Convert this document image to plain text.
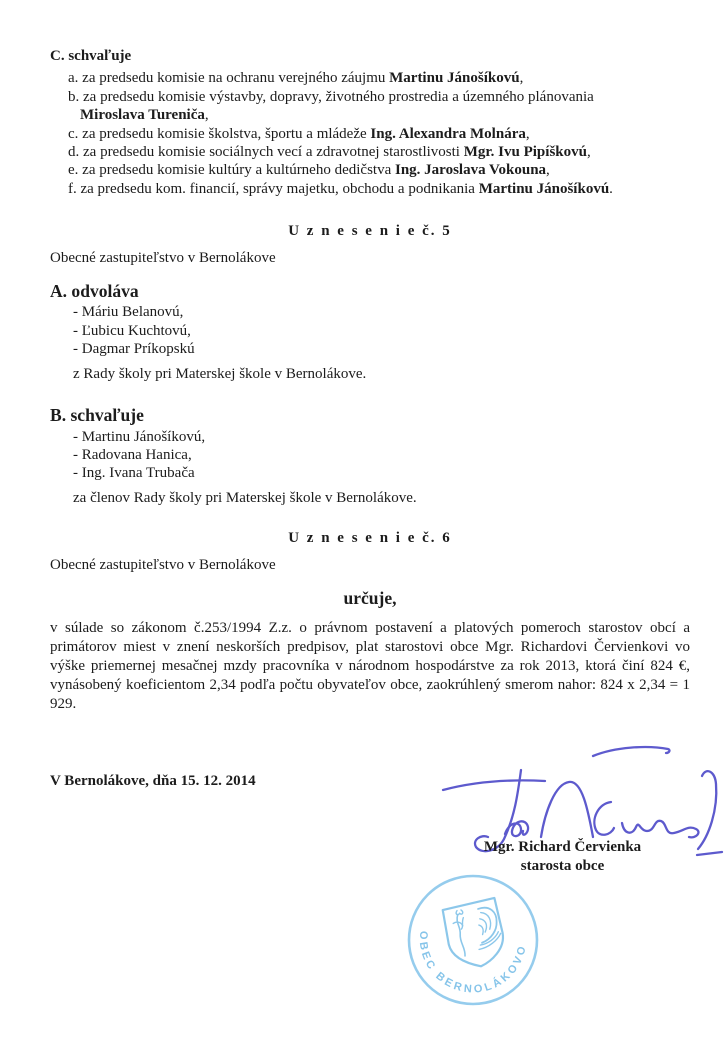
C. schvaľuje
a. za predsedu komisie na ochranu verejného záujmu Martinu Jánošíkovú,
b. za predsedu komisie výstavby, dopravy, životného prostredia a územného plánovania
Miroslava Tureniča,
c. za predsedu komisie školstva, športu a mládeže Ing. Alexandra Molnára,
d. za predsedu komisie sociálnych vecí a zdravotnej starostlivosti Mgr. Ivu Pipíškovú,
e. za predsedu komisie kultúry a kultúrneho dedičstva Ing. Jaroslava Vokouna,
f. za predsedu kom. financií, správy majetku, obchodu a podnikania Martinu Jánošíkovú.
U z n e s e n i e č. 5

Obecné zastupiteľstvo v Bernolákove

A. odvoláva
- Máriu Belanovú,
- Ľubicu Kuchtovú,
- Dagmar Príkopskú

z Rady školy pri Materskej škole v Bernolákove.

B. schvaľuje
- Martinu Jánošíkovú,
- Radovana Hanica,
- Ing. Ivana Trubača

za členov Rady školy pri Materskej škole v Bernolákove.

U z n e s e n i e č. 6

Obecné zastupiteľstvo v Bernolákove

určuje,

v súlade so zákonom č.253/1994 Z.z. o právnom postavení a platových pomeroch starostov obcí a primátorov miest v znení neskorších predpisov, plat starostovi obce Mgr. Richardovi Červienkovi vo výške priemernej mesačnej mzdy pracovníka v národnom hospodárstve za rok 2013, ktorá činí 824 €, vynásobený koeficientom 2,34 podľa počtu obyvateľov obce, zaokrúhlený smerom nahor: 824 x 2,34 = 1 929.

V Bernolákove, dňa 15. 12. 2014

Mgr. Richard Červienka
starosta obce
OBEC BERNOLÁKOVO
